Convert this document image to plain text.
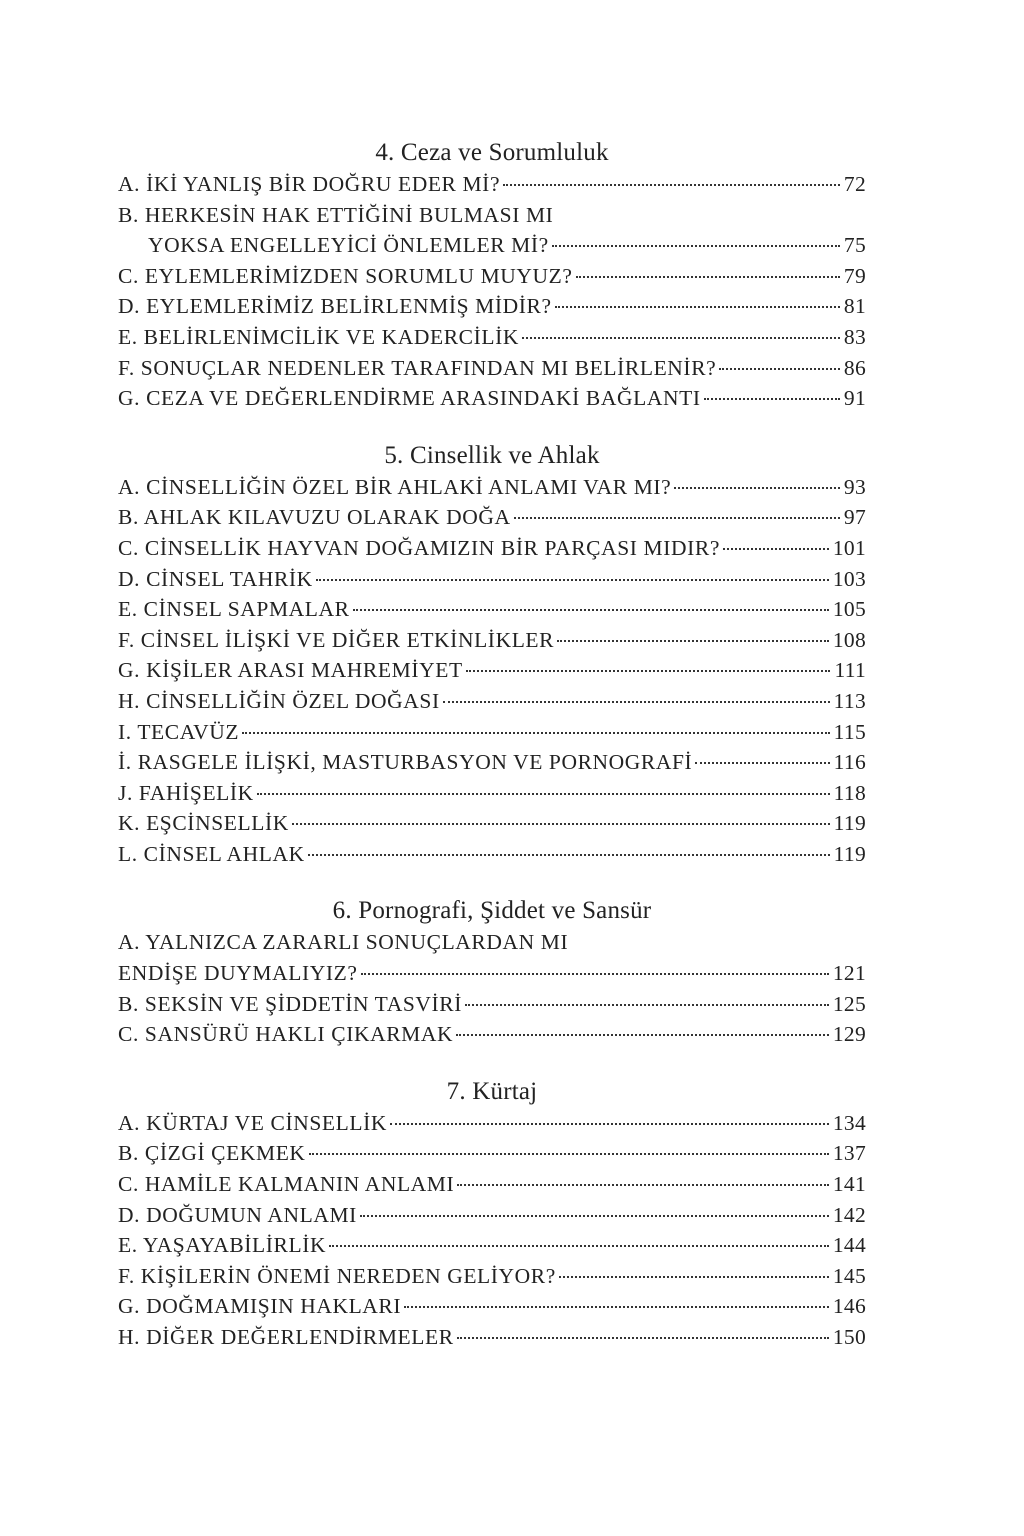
4. Ceza ve Sorumluluk
A. İKİ YANLIŞ BİR DOĞRU EDER Mİ?	72
B. HERKESİN HAK ETTİĞİNİ BULMASI MI
YOKSA ENGELLEYİCİ ÖNLEMLER Mİ?	75
C. EYLEMLERİMİZDEN SORUMLU MUYUZ?	79
D. EYLEMLERİMİZ BELİRLENMİŞ MİDİR?	81
E. BELİRLENİMCİLİK VE KADERCİLİK	83
F. SONUÇLAR NEDENLER TARAFINDAN MI BELİRLENİR?	86
G. CEZA VE DEĞERLENDİRME ARASINDAKİ BAĞLANTI	91
5. Cinsellik ve Ahlak
A. CİNSELLİĞİN ÖZEL BİR AHLAKİ ANLAMI VAR MI?	93
B. AHLAK KILAVUZU OLARAK DOĞA	97
C. CİNSELLİK HAYVAN DOĞAMIZIN BİR PARÇASI MIDIR?	101
D. CİNSEL TAHRİK	103
E. CİNSEL SAPMALAR	105
F. CİNSEL İLİŞKİ VE DİĞER ETKİNLİKLER	108
G. KİŞİLER ARASI MAHREMİYET	111
H. CİNSELLİĞİN ÖZEL DOĞASI	113
I. TECAVÜZ	115
İ. RASGELE İLİŞKİ, MASTURBASYON VE PORNOGRAFİ	116
J. FAHİŞELİK	118
K. EŞCİNSELLİK	119
L. CİNSEL AHLAK	119
6. Pornografi, Şiddet ve Sansür
A. YALNIZCA ZARARLI SONUÇLARDAN MI
ENDİŞE DUYMALIYIZ?	121
B. SEKSİN VE ŞİDDETİN TASVİRİ	125
C. SANSÜRÜ HAKLI ÇIKARMAK	129
7. Kürtaj
A. KÜRTAJ VE CİNSELLİK	134
B. ÇİZGİ ÇEKMEK	137
C. HAMİLE KALMANIN ANLAMI	141
D. DOĞUMUN ANLAMI	142
E. YAŞAYABİLİRLİK	144
F. KİŞİLERİN ÖNEMİ NEREDEN GELİYOR?	145
G. DOĞMAMIŞIN HAKLARI	146
H. DİĞER DEĞERLENDİRMELER	150
